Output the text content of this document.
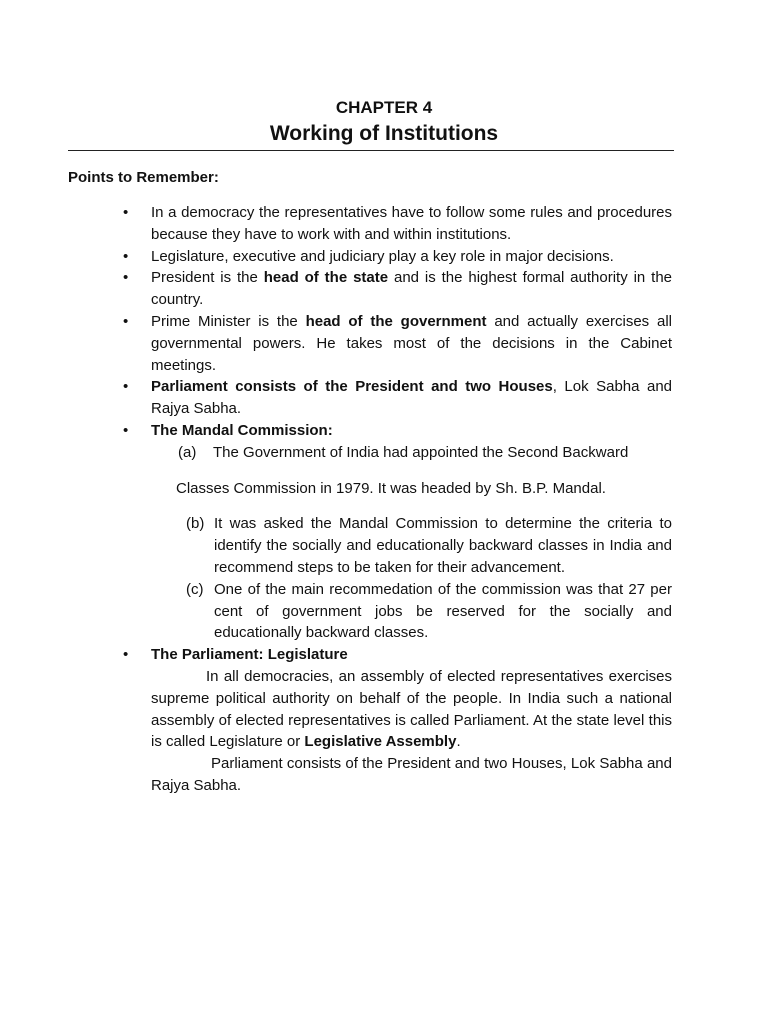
CHAPTER 4
Working of Institutions
Points to Remember:
• In a democracy the representatives have to follow some rules and procedures because they have to work with and within institutions.
• Legislature, executive and judiciary play a key role in major decisions.
• President is the head of the state and is the highest formal authority in the country.
• Prime Minister is the head of the government and actually exercises all governmental powers. He takes most of the decisions in the Cabinet meetings.
• Parliament consists of the President and two Houses, Lok Sabha and Rajya Sabha.
• The Mandal Commission:

(a) The Government of India had appointed the Second Backward

Classes Commission in 1979. It was headed by Sh. B.P. Mandal.

(b) It was asked the Mandal Commission to determine the criteria to identify the socially and educationally backward classes in India and recommend steps to be taken for their advancement.

(c) One of the main recommedation of the commission was that 27 per cent of government jobs be reserved for the socially and educationally backward classes.

• The Parliament: Legislature

In all democracies, an assembly of elected representatives exercises supreme political authority on behalf of the people. In India such a national assembly of elected representatives is called Parliament. At the state level this is called Legislature or Legislative Assembly.

Parliament consists of the President and two Houses, Lok Sabha and Rajya Sabha.
